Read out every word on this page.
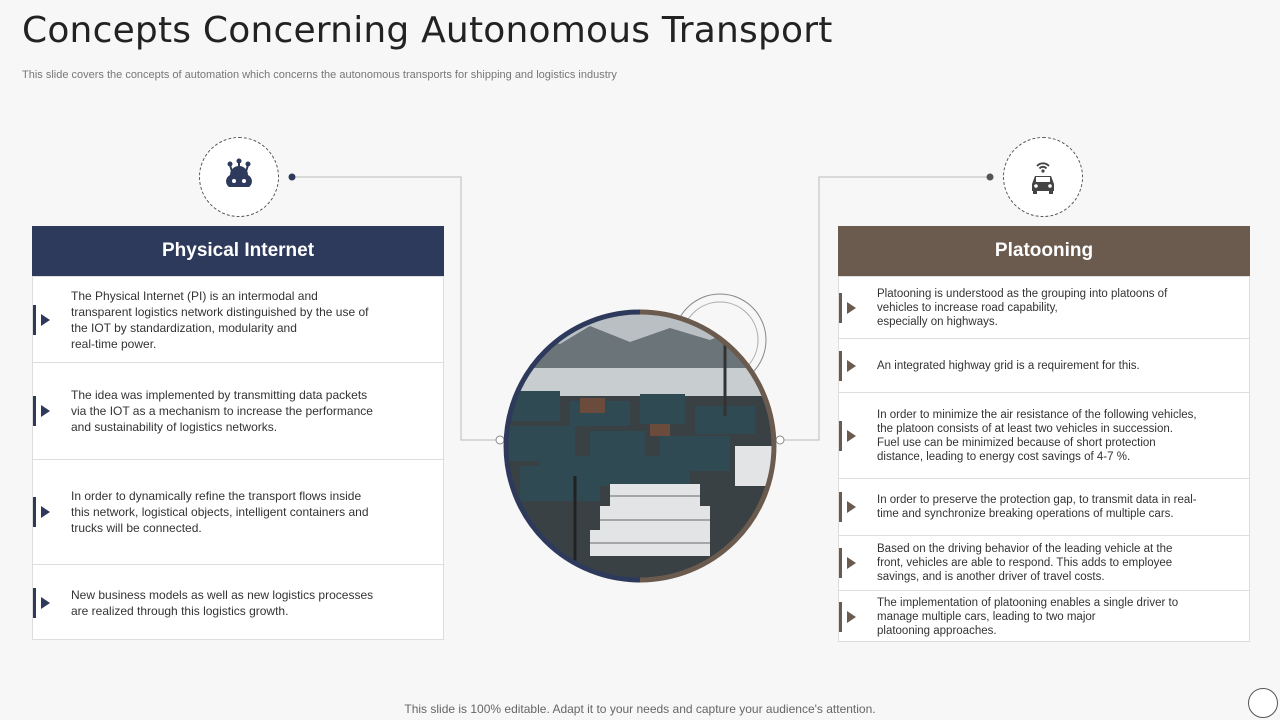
Concepts Concerning Autonomous Transport
This slide covers the concepts of automation which concerns the autonomous transports for shipping and logistics industry
Physical Internet
The Physical Internet (PI) is an intermodal and
transparent logistics network distinguished by the use of
the IOT by standardization, modularity and
real-time power.
The idea was implemented by transmitting data packets
via the IOT as a mechanism to increase the performance
and sustainability of logistics networks.
In order to dynamically refine the transport flows inside
this network, logistical objects, intelligent containers and
trucks will be connected.
New business models as well as new logistics processes
are realized through this logistics growth.
Platooning
Platooning is understood as the grouping into platoons of
vehicles to increase road capability,
especially on highways.
An integrated highway grid is a requirement for this.
In order to minimize the air resistance of the following vehicles,
the platoon consists of at least two vehicles in succession.
Fuel use can be minimized because of short protection
distance, leading to energy cost savings of 4-7 %.
In order to preserve the protection gap, to transmit data in real-
time and synchronize breaking operations of multiple cars.
Based on the driving behavior of the leading vehicle at the
front, vehicles are able to respond. This adds to employee
savings, and is another driver of travel costs.
The implementation of platooning enables a single driver to
manage multiple cars, leading to two major
platooning approaches.
This slide is 100% editable. Adapt it to your needs and capture your audience's attention.
